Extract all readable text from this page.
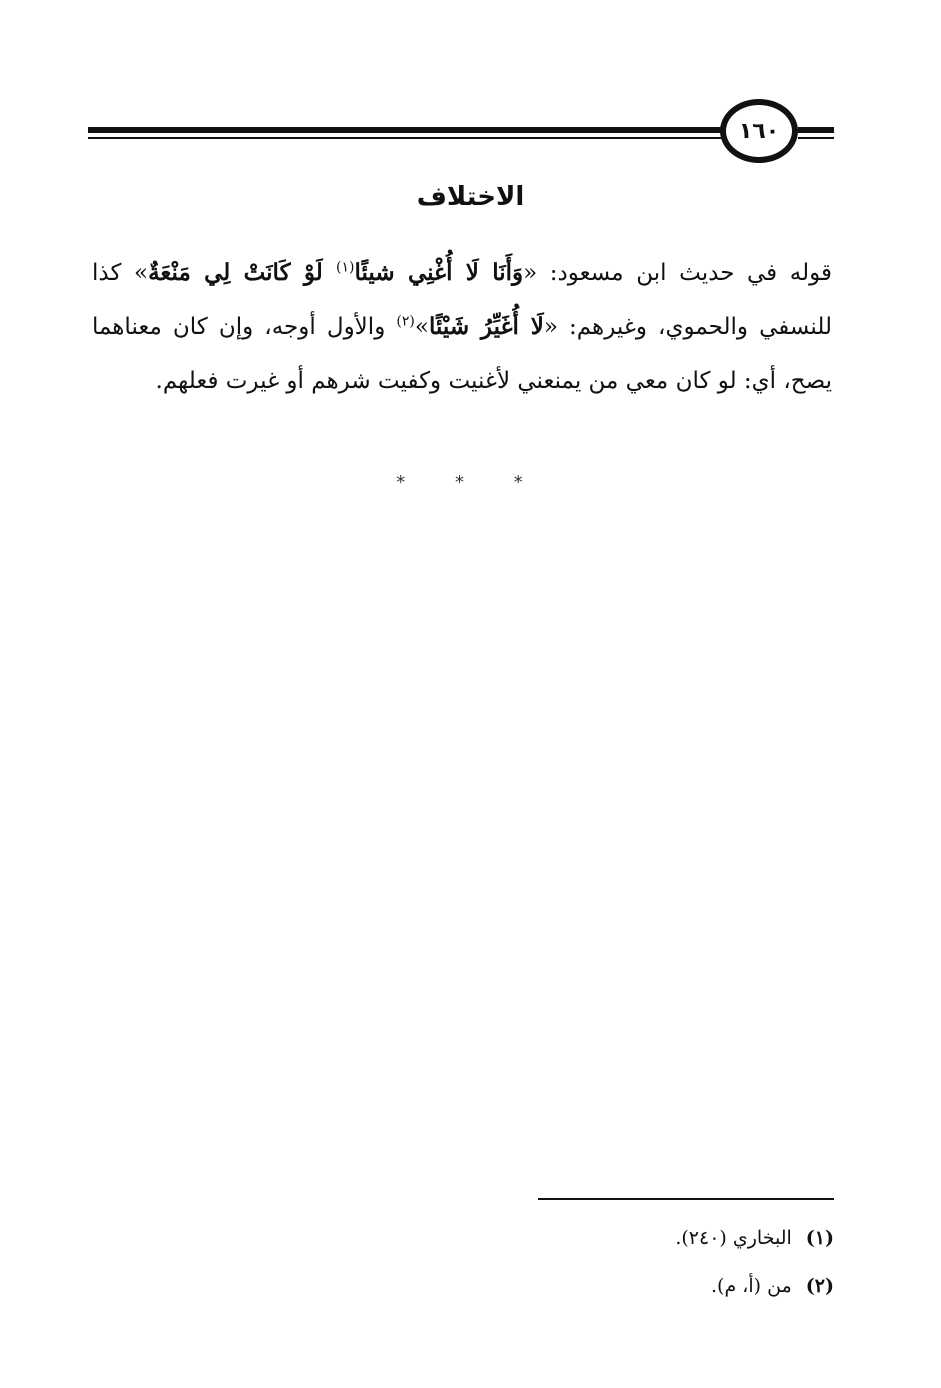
١٦٠
الاختلاف

قوله في حديث ابن مسعود: «وَأَنَا لَا أُغْنِي شيئًا$^{(١)}$ لَوْ كَانَتْ لِي مَنْعَةٌ» كذا للنسفي والحموي، وغيرهم: «لَا أُغَيِّرُ شَيْئًا»$^{(٢)}$ والأول أوجه، وإن كان معناهما يصح، أي: لو كان معي من يمنعني لأغنيت وكفيت شرهم أو غيرت فعلهم.

* * *
(١)البخاري (٢٤٠).
(٢)من (أ، م).
